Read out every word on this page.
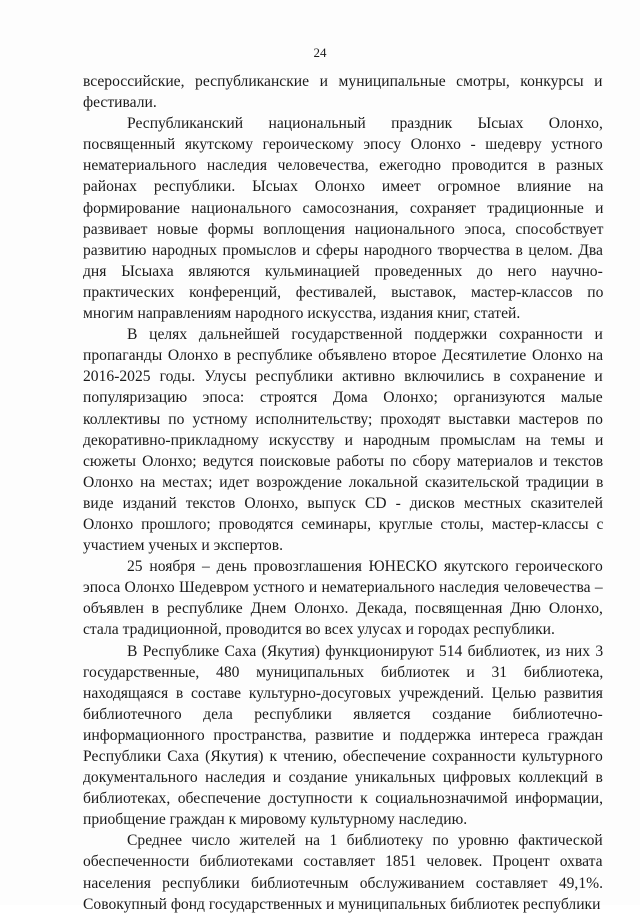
24

всероссийские, республиканские и муниципальные смотры, конкурсы и
фестивали.

Республиканский национальный праздник Ысыах Олонхо,
посвященный якутскому героическому эпосу Олонхо - шедевру устного
нематериального наследия человечества, ежегодно проводится в разных
районах республики. Ысыах Олонхо имеет огромное влияние на
формирование национального самосознания, сохраняет традиционные и
развивает новые формы воплощения национального эпоса, способствует
развитию народных промыслов и сферы народного творчества в целом. Два
дня Ысыаха являются кульминацией проведенных до него научно-
практических конференций, фестивалей, выставок, мастер-классов по
многим направлениям народного искусства, издания книг, статей.

В целях дальнейшей государственной поддержки сохранности и
пропаганды Олонхо в республике объявлено второе Десятилетие Олонхо на
2016-2025 годы. Улусы республики активно включились в сохранение и
популяризацию эпоса: строятся Дома Олонхо; организуются малые
коллективы по устному исполнительству; проходят выставки мастеров по
декоративно-прикладному искусству и народным промыслам на темы и
сюжеты Олонхо; ведутся поисковые работы по сбору материалов и текстов
Олонхо на местах; идет возрождение локальной сказительской традиции в
виде изданий текстов Олонхо, выпуск CD - дисков местных сказителей
Олонхо прошлого; проводятся семинары, круглые столы, мастер-классы с
участием ученых и экспертов.

25 ноября – день провозглашения ЮНЕСКО якутского героического
эпоса Олонхо Шедевром устного и нематериального наследия человечества –
объявлен в республике Днем Олонхо. Декада, посвященная Дню Олонхо,
стала традиционной, проводится во всех улусах и городах республики.

В Республике Саха (Якутия) функционируют 514 библиотек, из них 3
государственные, 480 муниципальных библиотек и 31 библиотека,
находящаяся в составе культурно-досуговых учреждений. Целью развития
библиотечного дела республики является создание библиотечно-
информационного пространства, развитие и поддержка интереса граждан
Республики Саха (Якутия) к чтению, обеспечение сохранности культурного
документального наследия и создание уникальных цифровых коллекций в
библиотеках, обеспечение доступности к социальнозначимой информации,
приобщение граждан к мировому культурному наследию.

Среднее число жителей на 1 библиотеку по уровню фактической
обеспеченности библиотеками составляет 1851 человек. Процент охвата
населения республики библиотечным обслуживанием составляет 49,1%.
Совокупный фонд государственных и муниципальных библиотек республики
